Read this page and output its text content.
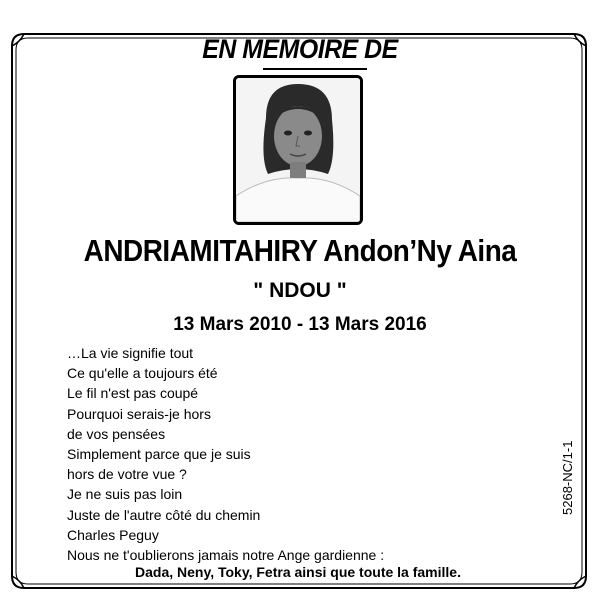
EN MEMOIRE DE
ANDRIAMITAHIRY Andon’Ny Aina
" NDOU "
13 Mars 2010 - 13 Mars 2016
…La vie signifie tout
Ce qu'elle a toujours été
Le fil n'est pas coupé
Pourquoi serais-je hors
de vos pensées
Simplement parce que je suis
hors de votre vue ?
Je ne suis pas loin
Juste de l'autre côté du chemin
Charles Peguy
Nous ne t'oublierons jamais notre Ange gardienne :
Dada, Neny, Toky, Fetra ainsi que toute la famille.
5268-NC/1-1
